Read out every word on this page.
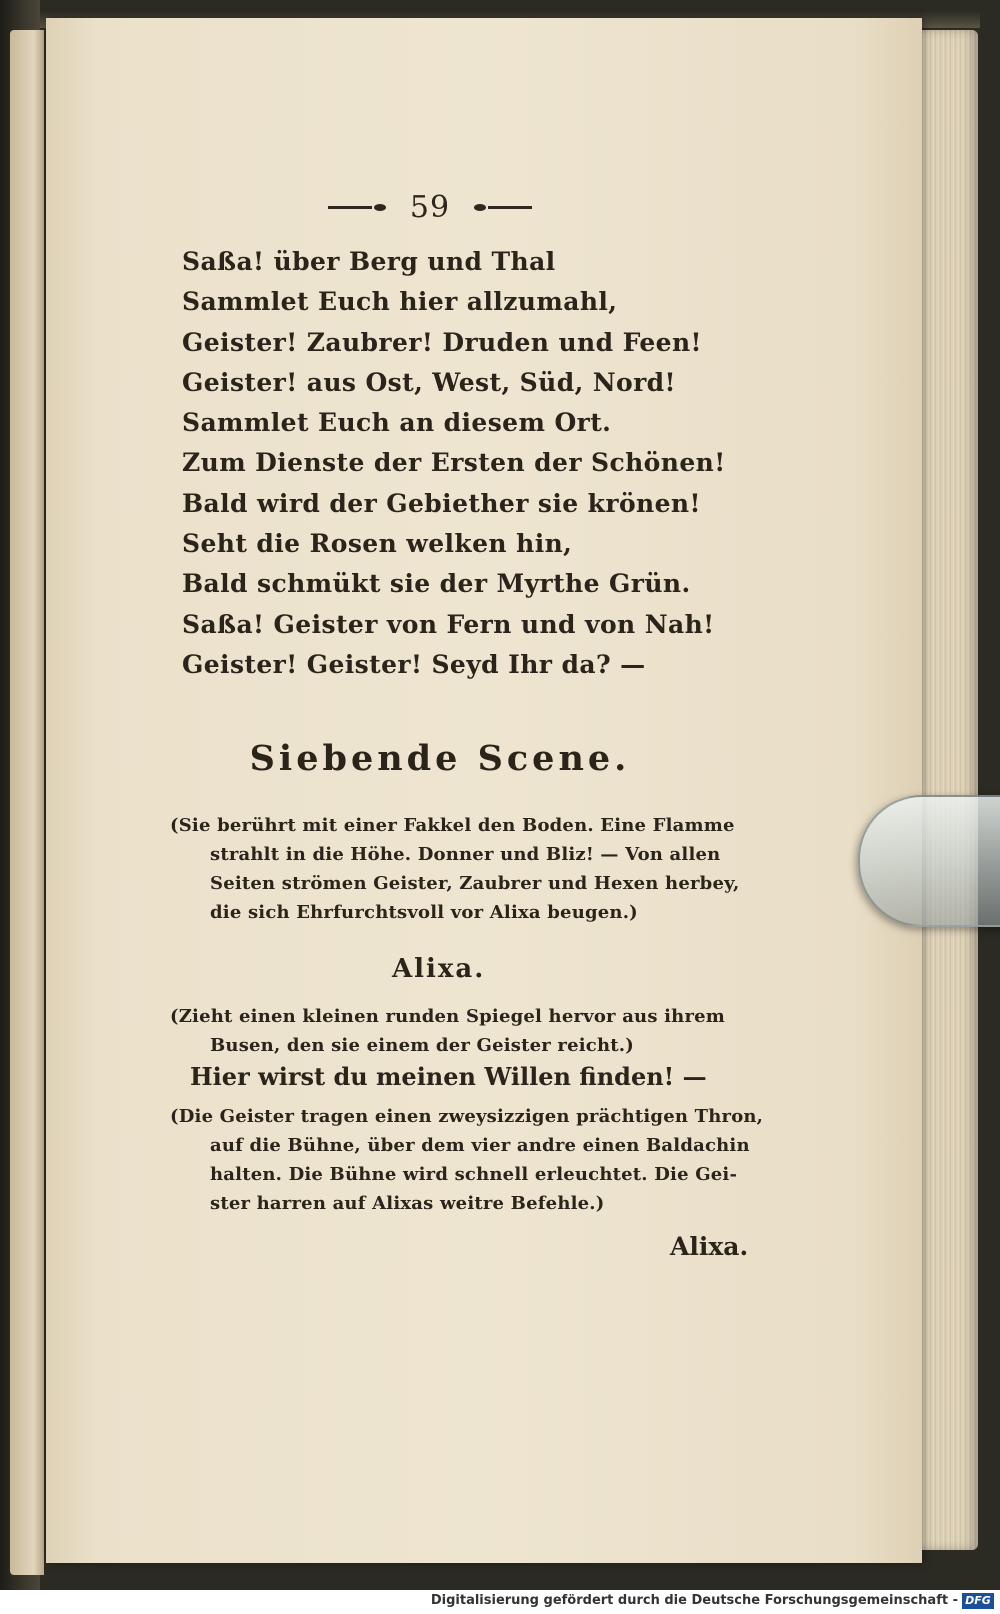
59
Saßa! über Berg und Thal
Sammlet Euch hier allzumahl,
Geister! Zaubrer! Druden und Feen!
Geister! aus Ost, West, Süd, Nord!
Sammlet Euch an diesem Ort.
Zum Dienste der Ersten der Schönen!
Bald wird der Gebiether sie krönen!
Seht die Rosen welken hin,
Bald schmükt sie der Myrthe Grün.
Saßa! Geister von Fern und von Nah!
Geister! Geister! Seyd Ihr da? —
Siebende Scene.
(Sie berührt mit einer Fakkel den Boden. Eine Flamme
strahlt in die Höhe. Donner und Bliz! — Von allen
Seiten strömen Geister, Zaubrer und Hexen herbey,
die sich Ehrfurchtsvoll vor Alixa beugen.)
Alixa.
(Zieht einen kleinen runden Spiegel hervor aus ihrem
Busen, den sie einem der Geister reicht.)
Hier wirst du meinen Willen finden! —
(Die Geister tragen einen zweysizzigen prächtigen Thron,
auf die Bühne, über dem vier andre einen Baldachin
halten. Die Bühne wird schnell erleuchtet. Die Gei-
ster harren auf Alixas weitre Befehle.)
Alixa.
Digitalisierung gefördert durch die Deutsche Forschungsgemeinschaft - DFG
